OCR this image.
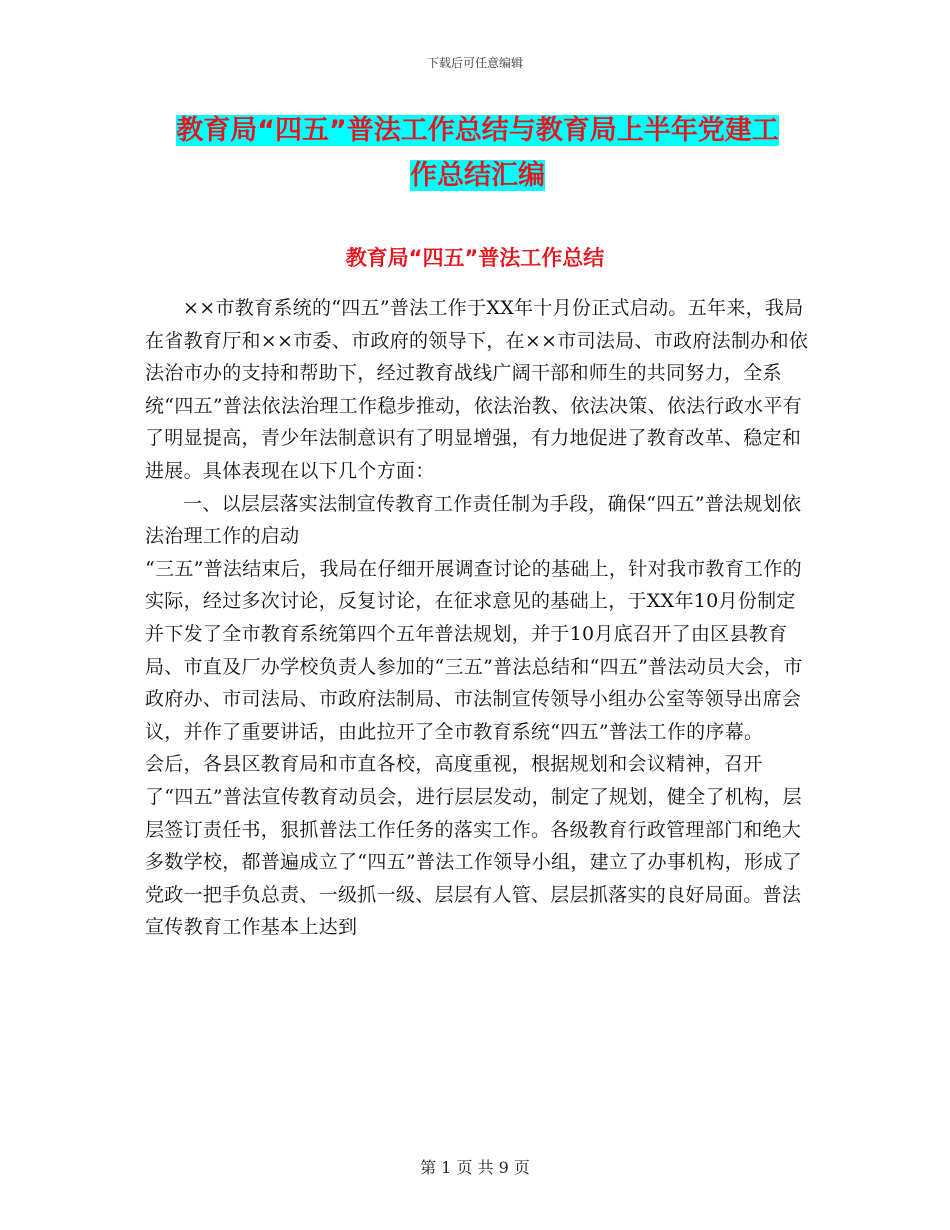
下载后可任意编辑
教育局“四五”普法工作总结与教育局上半年党建工
作总结汇编
教育局“四五”普法工作总结

××市教育系统的“四五”普法工作于XX年十月份正式启动。五年来，我局在省教育厅和××市委、市政府的领导下，在××市司法局、市政府法制办和依法治市办的支持和帮助下，经过教育战线广阔干部和师生的共同努力，全系统“四五”普法依法治理工作稳步推动，依法治教、依法决策、依法行政水平有了明显提高，青少年法制意识有了明显增强，有力地促进了教育改革、稳定和进展。具体表现在以下几个方面：

一、以层层落实法制宣传教育工作责任制为手段，确保“四五”普法规划依法治理工作的启动

“三五”普法结束后，我局在仔细开展调查讨论的基础上，针对我市教育工作的实际，经过多次讨论，反复讨论，在征求意见的基础上，于XX年10月份制定并下发了全市教育系统第四个五年普法规划，并于10月底召开了由区县教育局、市直及厂办学校负责人参加的“三五”普法总结和“四五”普法动员大会，市政府办、市司法局、市政府法制局、市法制宣传领导小组办公室等领导出席会议，并作了重要讲话，由此拉开了全市教育系统“四五”普法工作的序幕。

会后，各县区教育局和市直各校，高度重视，根据规划和会议精神，召开了“四五”普法宣传教育动员会，进行层层发动，制定了规划，健全了机构，层层签订责任书，狠抓普法工作任务的落实工作。各级教育行政管理部门和绝大多数学校，都普遍成立了“四五”普法工作领导小组，建立了办事机构，形成了党政一把手负总责、一级抓一级、层层有人管、层层抓落实的良好局面。普法宣传教育工作基本上达到

第 1 页 共 9 页
